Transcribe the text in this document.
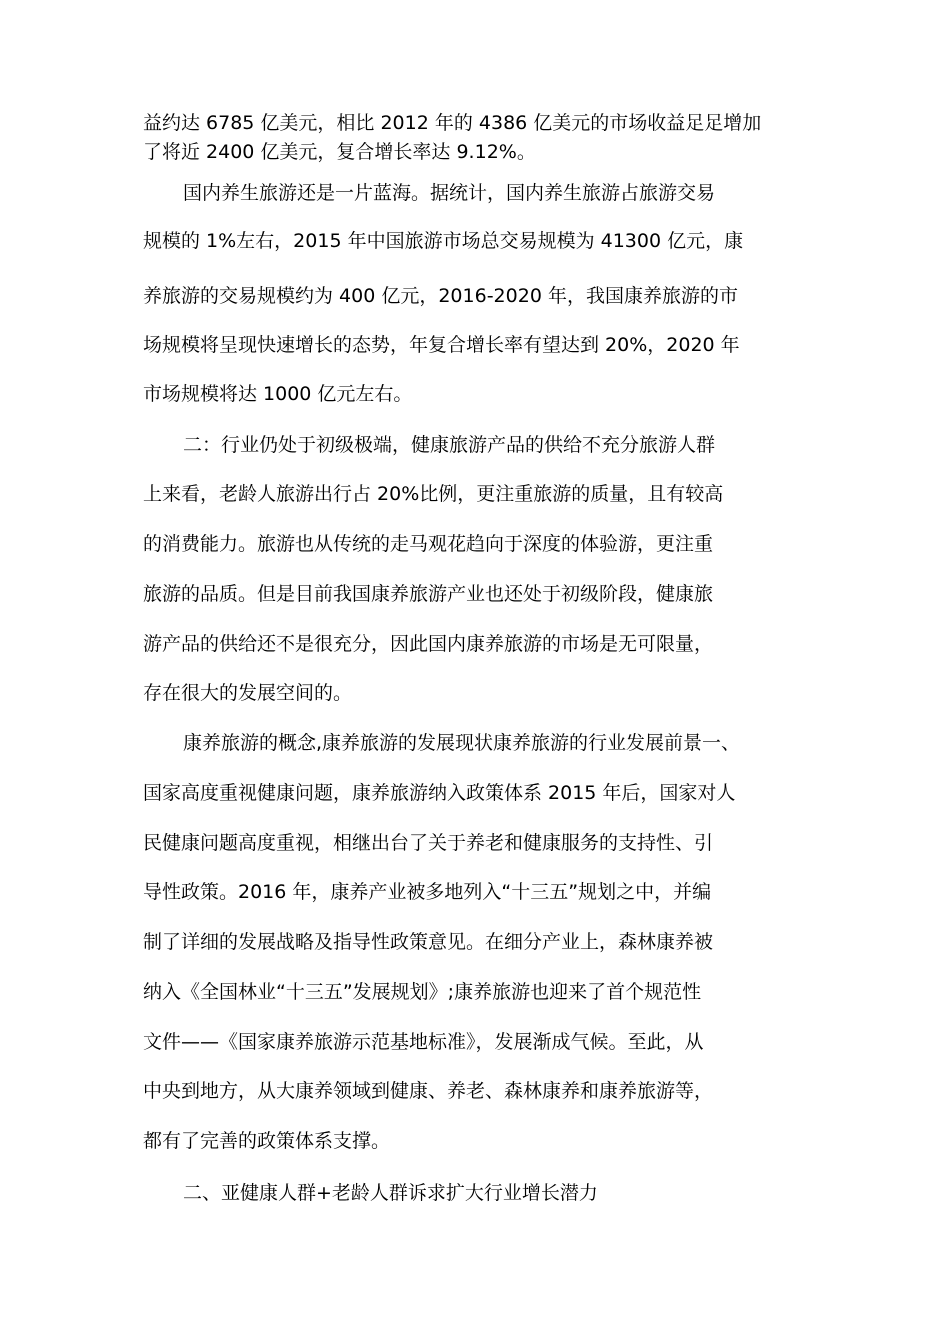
益约达 6785 亿美元，相比 2012 年的 4386 亿美元的市场收益足足增加
了将近 2400 亿美元，复合增长率达 9.12%。
国内养生旅游还是一片蓝海。据统计，国内养生旅游占旅游交易
规模的 1%左右，2015 年中国旅游市场总交易规模为 41300 亿元，康
养旅游的交易规模约为 400 亿元，2016-2020 年，我国康养旅游的市
场规模将呈现快速增长的态势，年复合增长率有望达到 20%，2020 年
市场规模将达 1000 亿元左右。
二：行业仍处于初级极端，健康旅游产品的供给不充分旅游人群
上来看，老龄人旅游出行占 20%比例，更注重旅游的质量，且有较高
的消费能力。旅游也从传统的走马观花趋向于深度的体验游，更注重
旅游的品质。但是目前我国康养旅游产业也还处于初级阶段，健康旅
游产品的供给还不是很充分，因此国内康养旅游的市场是无可限量，
存在很大的发展空间的。
康养旅游的概念,康养旅游的发展现状康养旅游的行业发展前景一、
国家高度重视健康问题，康养旅游纳入政策体系 2015 年后，国家对人
民健康问题高度重视，相继出台了关于养老和健康服务的支持性、引
导性政策。2016 年，康养产业被多地列入“十三五”规划之中，并编
制了详细的发展战略及指导性政策意见。在细分产业上，森林康养被
纳入《全国林业“十三五”发展规划》;康养旅游也迎来了首个规范性
文件——《国家康养旅游示范基地标准》，发展渐成气候。至此，从
中央到地方，从大康养领域到健康、养老、森林康养和康养旅游等，
都有了完善的政策体系支撑。
二、亚健康人群+老龄人群诉求扩大行业增长潜力
